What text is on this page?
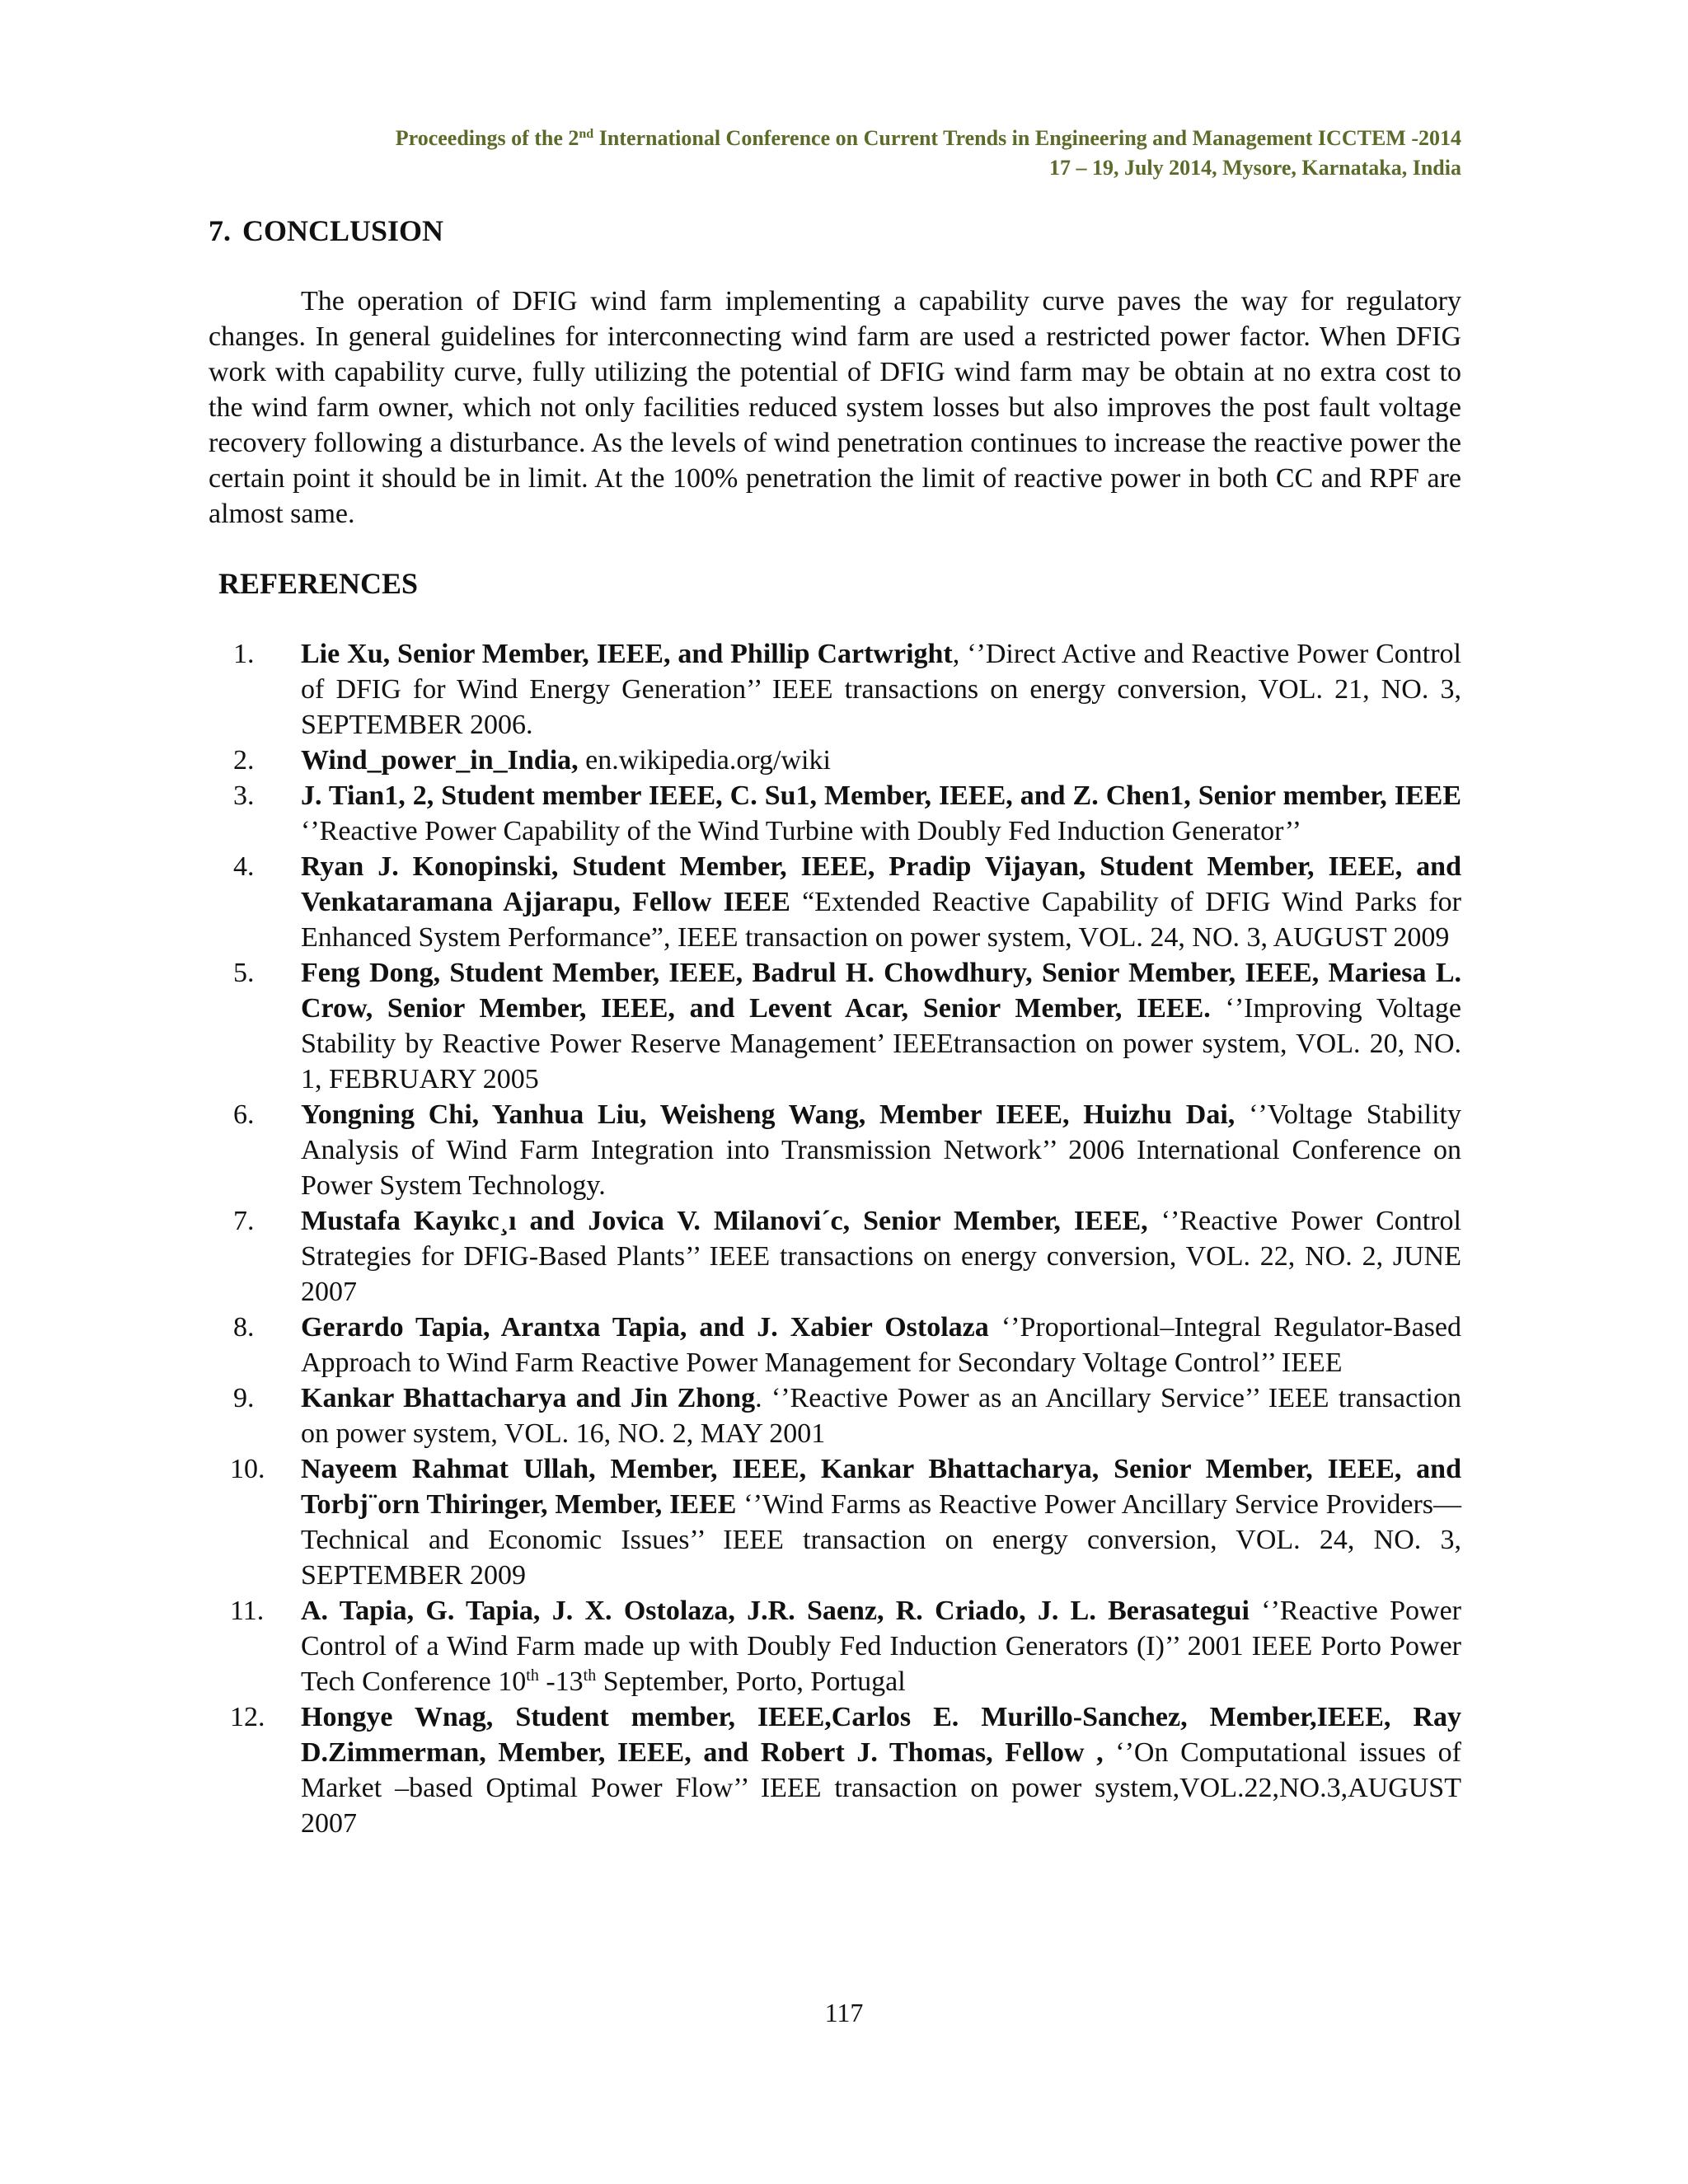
Proceedings of the 2nd International Conference on Current Trends in Engineering and Management ICCTEM -2014
17 – 19, July 2014, Mysore, Karnataka, India
7. CONCLUSION

The operation of DFIG wind farm implementing a capability curve paves the way for regulatory changes. In general guidelines for interconnecting wind farm are used a restricted power factor. When DFIG work with capability curve, fully utilizing the potential of DFIG wind farm may be obtain at no extra cost to the wind farm owner, which not only facilities reduced system losses but also improves the post fault voltage recovery following a disturbance. As the levels of wind penetration continues to increase the reactive power the certain point it should be in limit. At the 100% penetration the limit of reactive power in both CC and RPF are almost same.

REFERENCES
1. Lie Xu, Senior Member, IEEE, and Phillip Cartwright, ‘’Direct Active and Reactive Power Control of DFIG for Wind Energy Generation’’ IEEE transactions on energy conversion, VOL. 21, NO. 3, SEPTEMBER 2006.
2. Wind_power_in_India, en.wikipedia.org/wiki
3. J. Tian1, 2, Student member IEEE, C. Su1, Member, IEEE, and Z. Chen1, Senior member, IEEE ‘’Reactive Power Capability of the Wind Turbine with Doubly Fed Induction Generator’’
4. Ryan J. Konopinski, Student Member, IEEE, Pradip Vijayan, Student Member, IEEE, and Venkataramana Ajjarapu, Fellow IEEE “Extended Reactive Capability of DFIG Wind Parks for Enhanced System Performance”, IEEE transaction on power system, VOL. 24, NO. 3, AUGUST 2009
5. Feng Dong, Student Member, IEEE, Badrul H. Chowdhury, Senior Member, IEEE, Mariesa L. Crow, Senior Member, IEEE, and Levent Acar, Senior Member, IEEE. ‘’Improving Voltage Stability by Reactive Power Reserve Management’ IEEEtransaction on power system, VOL. 20, NO. 1, FEBRUARY 2005
6. Yongning Chi, Yanhua Liu, Weisheng Wang, Member IEEE, Huizhu Dai, ‘’Voltage Stability Analysis of Wind Farm Integration into Transmission Network’’ 2006 International Conference on Power System Technology.
7. Mustafa Kayıkc¸ı and Jovica V. Milanovi´c, Senior Member, IEEE, ‘’Reactive Power Control Strategies for DFIG-Based Plants’’ IEEE transactions on energy conversion, VOL. 22, NO. 2, JUNE 2007
8. Gerardo Tapia, Arantxa Tapia, and J. Xabier Ostolaza ‘’Proportional–Integral Regulator-Based Approach to Wind Farm Reactive Power Management for Secondary Voltage Control’’ IEEE
9. Kankar Bhattacharya and Jin Zhong. ‘’Reactive Power as an Ancillary Service’’ IEEE transaction on power system, VOL. 16, NO. 2, MAY 2001
10. Nayeem Rahmat Ullah, Member, IEEE, Kankar Bhattacharya, Senior Member, IEEE, and Torbj¨orn Thiringer, Member, IEEE ‘’Wind Farms as Reactive Power Ancillary Service Providers—Technical and Economic Issues’’ IEEE transaction on energy conversion, VOL. 24, NO. 3, SEPTEMBER 2009
11. A. Tapia, G. Tapia, J. X. Ostolaza, J.R. Saenz, R. Criado, J. L. Berasategui ‘’Reactive Power Control of a Wind Farm made up with Doubly Fed Induction Generators (I)’’ 2001 IEEE Porto Power Tech Conference 10th -13th September, Porto, Portugal
12. Hongye Wnag, Student member, IEEE,Carlos E. Murillo-Sanchez, Member,IEEE, Ray D.Zimmerman, Member, IEEE, and Robert J. Thomas, Fellow , ‘’On Computational issues of Market –based Optimal Power Flow’’ IEEE transaction on power system,VOL.22,NO.3,AUGUST 2007
117
